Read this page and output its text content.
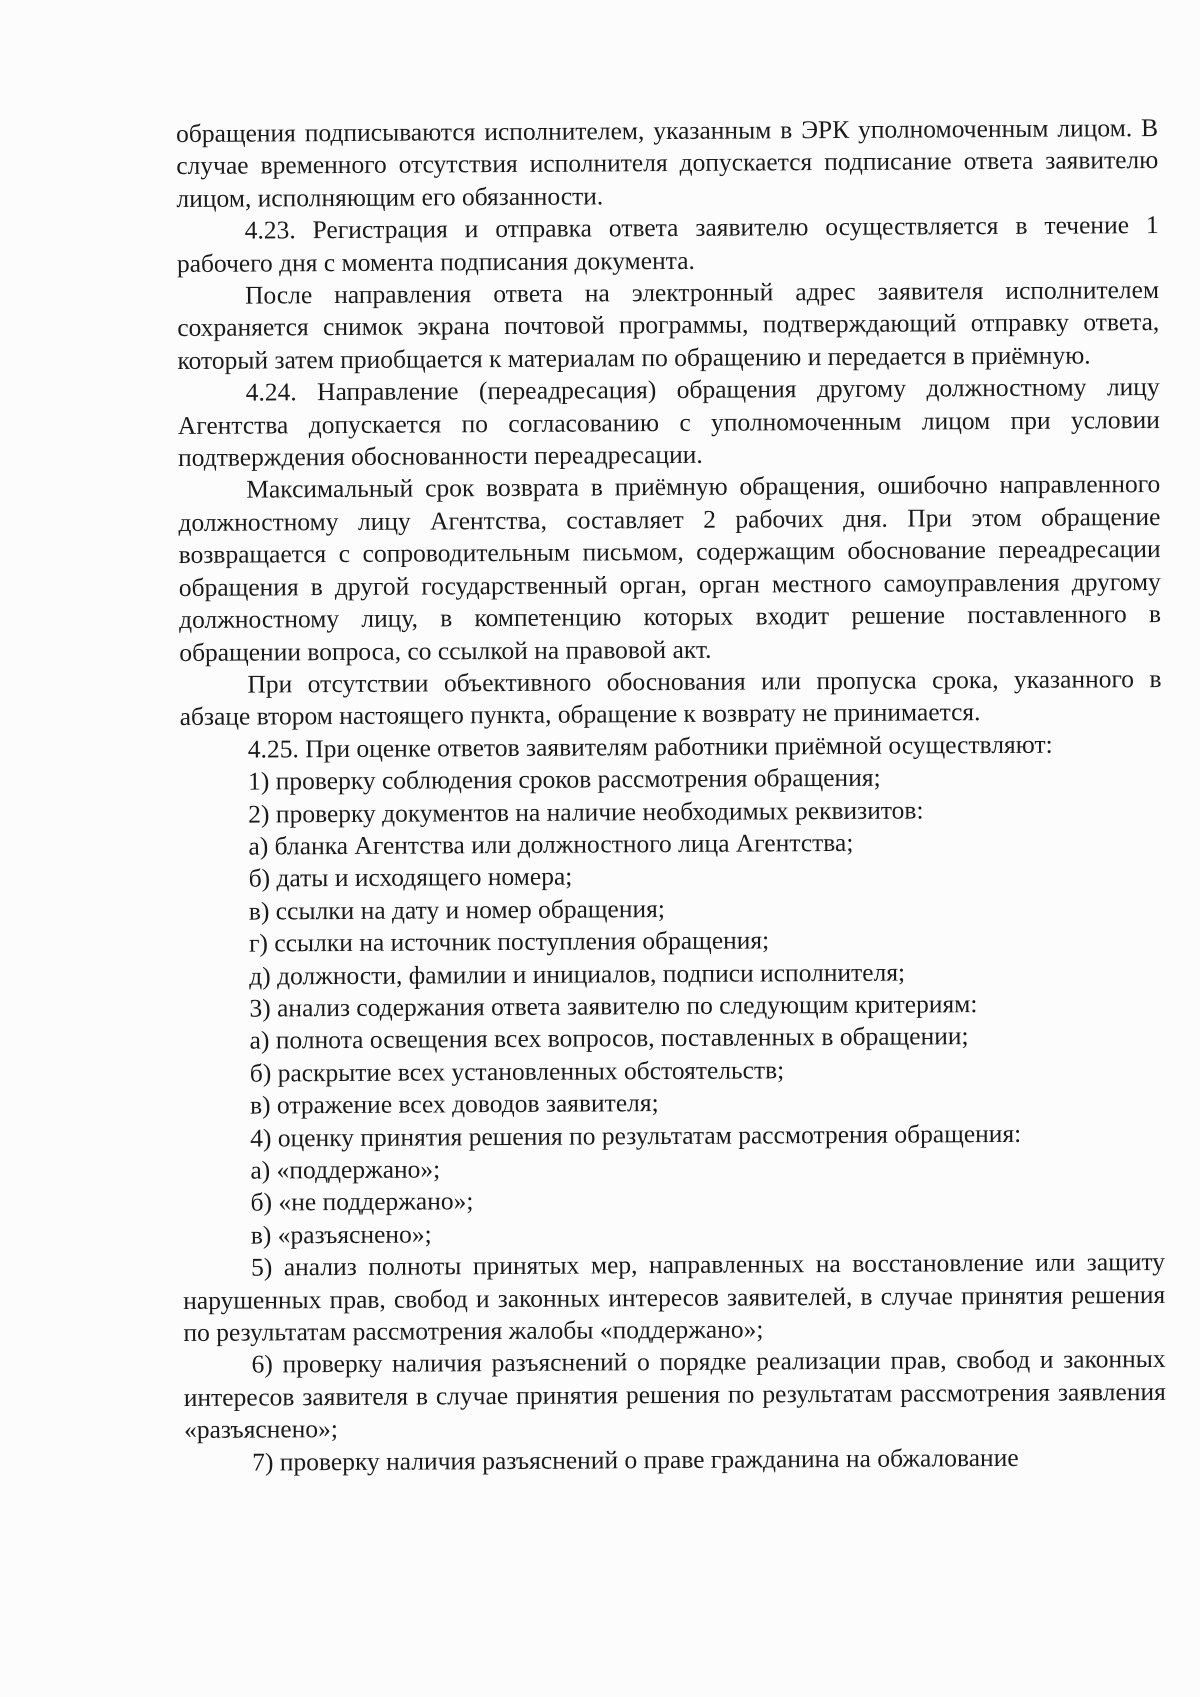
обращения подписываются исполнителем, указанным в ЭРК уполномоченным лицом. В случае временного отсутствия исполнителя допускается подписание ответа заявителю лицом, исполняющим его обязанности.

4.23. Регистрация и отправка ответа заявителю осуществляется в течение 1 рабочего дня с момента подписания документа.

После направления ответа на электронный адрес заявителя исполнителем сохраняется снимок экрана почтовой программы, подтверждающий отправку ответа, который затем приобщается к материалам по обращению и передается в приёмную.

4.24. Направление (переадресация) обращения другому должностному лицу Агентства допускается по согласованию с уполномоченным лицом при условии подтверждения обоснованности переадресации.

Максимальный срок возврата в приёмную обращения, ошибочно направленного должностному лицу Агентства, составляет 2 рабочих дня. При этом обращение возвращается с сопроводительным письмом, содержащим обоснование переадресации обращения в другой государственный орган, орган местного самоуправления другому должностному лицу, в компетенцию которых входит решение поставленного в обращении вопроса, со ссылкой на правовой акт.

При отсутствии объективного обоснования или пропуска срока, указанного в абзаце втором настоящего пункта, обращение к возврату не принимается.

4.25. При оценке ответов заявителям работники приёмной осуществляют:

1) проверку соблюдения сроков рассмотрения обращения;

2) проверку документов на наличие необходимых реквизитов:

а) бланка Агентства или должностного лица Агентства;

б) даты и исходящего номера;

в) ссылки на дату и номер обращения;

г) ссылки на источник поступления обращения;

д) должности, фамилии и инициалов, подписи исполнителя;

3) анализ содержания ответа заявителю по следующим критериям:

а) полнота освещения всех вопросов, поставленных в обращении;

б) раскрытие всех установленных обстоятельств;

в) отражение всех доводов заявителя;

4) оценку принятия решения по результатам рассмотрения обращения:

а) «поддержано»;

б) «не поддержано»;

в) «разъяснено»;

5) анализ полноты принятых мер, направленных на восстановление или защиту нарушенных прав, свобод и законных интересов заявителей, в случае принятия решения по результатам рассмотрения жалобы «поддержано»;

6) проверку наличия разъяснений о порядке реализации прав, свобод и законных интересов заявителя в случае принятия решения по результатам рассмотрения заявления «разъяснено»;

7) проверку наличия разъяснений о праве гражданина на обжалование
